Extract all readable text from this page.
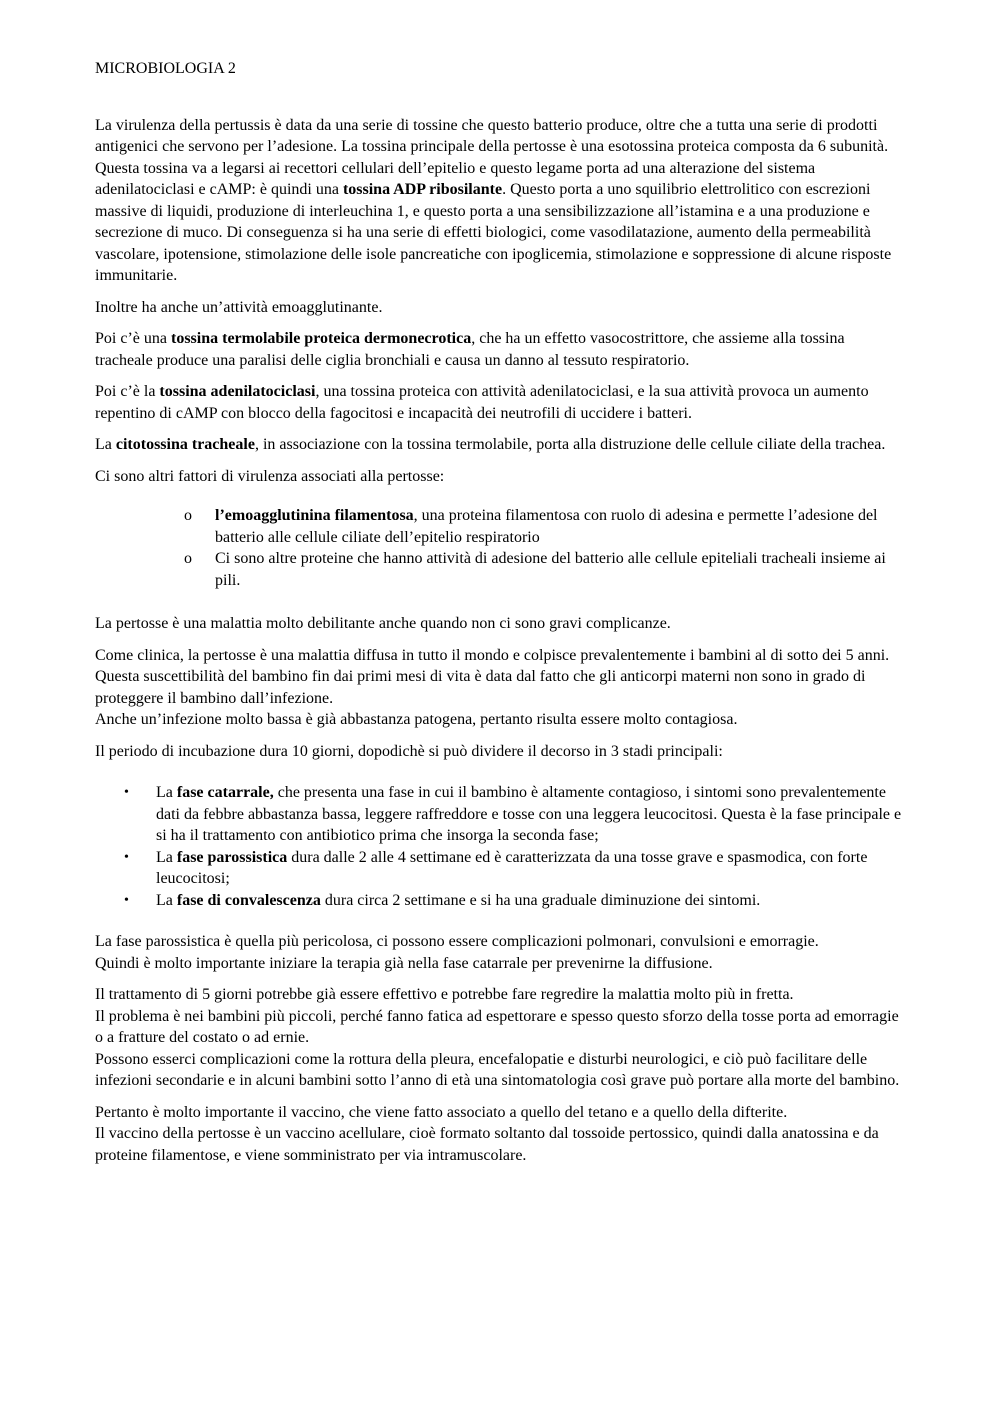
MICROBIOLOGIA 2

La virulenza della pertussis è data da una serie di tossine che questo batterio produce, oltre che a tutta una serie di prodotti antigenici che servono per l’adesione. La tossina principale della pertosse è una esotossina proteica composta da 6 subunità. Questa tossina va a legarsi ai recettori cellulari dell’epitelio e questo legame porta ad una alterazione del sistema adenilatociclasi e cAMP: è quindi una tossina ADP ribosilante. Questo porta a uno squilibrio elettrolitico con escrezioni massive di liquidi, produzione di interleuchina 1, e questo porta a una sensibilizzazione all’istamina e a una produzione e secrezione di muco. Di conseguenza si ha una serie di effetti biologici, come vasodilatazione, aumento della permeabilità vascolare, ipotensione, stimolazione delle isole pancreatiche con ipoglicemia, stimolazione e soppressione di alcune risposte immunitarie.

Inoltre ha anche un’attività emoagglutinante.

Poi c’è una tossina termolabile proteica dermonecrotica, che ha un effetto vasocostrittore, che assieme alla tossina tracheale produce una paralisi delle ciglia bronchiali e causa un danno al tessuto respiratorio.

Poi c’è la tossina adenilatociclasi, una tossina proteica con attività adenilatociclasi, e la sua attività provoca un aumento repentino di cAMP con blocco della fagocitosi e incapacità dei neutrofili di uccidere i batteri.

La citotossina tracheale, in associazione con la tossina termolabile, porta alla distruzione delle cellule ciliate della trachea.

Ci sono altri fattori di virulenza associati alla pertosse:

o l’emoagglutinina filamentosa, una proteina filamentosa con ruolo di adesina e permette l’adesione del batterio alle cellule ciliate dell’epitelio respiratorio
o Ci sono altre proteine che hanno attività di adesione del batterio alle cellule epiteliali tracheali insieme ai pili.

La pertosse è una malattia molto debilitante anche quando non ci sono gravi complicanze.

Come clinica, la pertosse è una malattia diffusa in tutto il mondo e colpisce prevalentemente i bambini al di sotto dei 5 anni.
Questa suscettibilità del bambino fin dai primi mesi di vita è data dal fatto che gli anticorpi materni non sono in grado di proteggere il bambino dall’infezione.
Anche un’infezione molto bassa è già abbastanza patogena, pertanto risulta essere molto contagiosa.

Il periodo di incubazione dura 10 giorni, dopodichè si può dividere il decorso in 3 stadi principali:

• La fase catarrale, che presenta una fase in cui il bambino è altamente contagioso, i sintomi sono prevalentemente dati da febbre abbastanza bassa, leggere raffreddore e tosse con una leggera leucocitosi. Questa è la fase principale e si ha il trattamento con antibiotico prima che insorga la seconda fase;
• La fase parossistica dura dalle 2 alle 4 settimane ed è caratterizzata da una tosse grave e spasmodica, con forte leucocitosi;
• La fase di convalescenza dura circa 2 settimane e si ha una graduale diminuzione dei sintomi.

La fase parossistica è quella più pericolosa, ci possono essere complicazioni polmonari, convulsioni e emorragie.
Quindi è molto importante iniziare la terapia già nella fase catarrale per prevenirne la diffusione.

Il trattamento di 5 giorni potrebbe già essere effettivo e potrebbe fare regredire la malattia molto più in fretta.
Il problema è nei bambini più piccoli, perché fanno fatica ad espettorare e spesso questo sforzo della tosse porta ad emorragie o a fratture del costato o ad ernie.
Possono esserci complicazioni come la rottura della pleura, encefalopatie e disturbi neurologici, e ciò può facilitare delle infezioni secondarie e in alcuni bambini sotto l’anno di età una sintomatologia così grave può portare alla morte del bambino.

Pertanto è molto importante il vaccino, che viene fatto associato a quello del tetano e a quello della difterite.
Il vaccino della pertosse è un vaccino acellulare, cioè formato soltanto dal tossoide pertossico, quindi dalla anatossina e da proteine filamentose, e viene somministrato per via intramuscolare.
